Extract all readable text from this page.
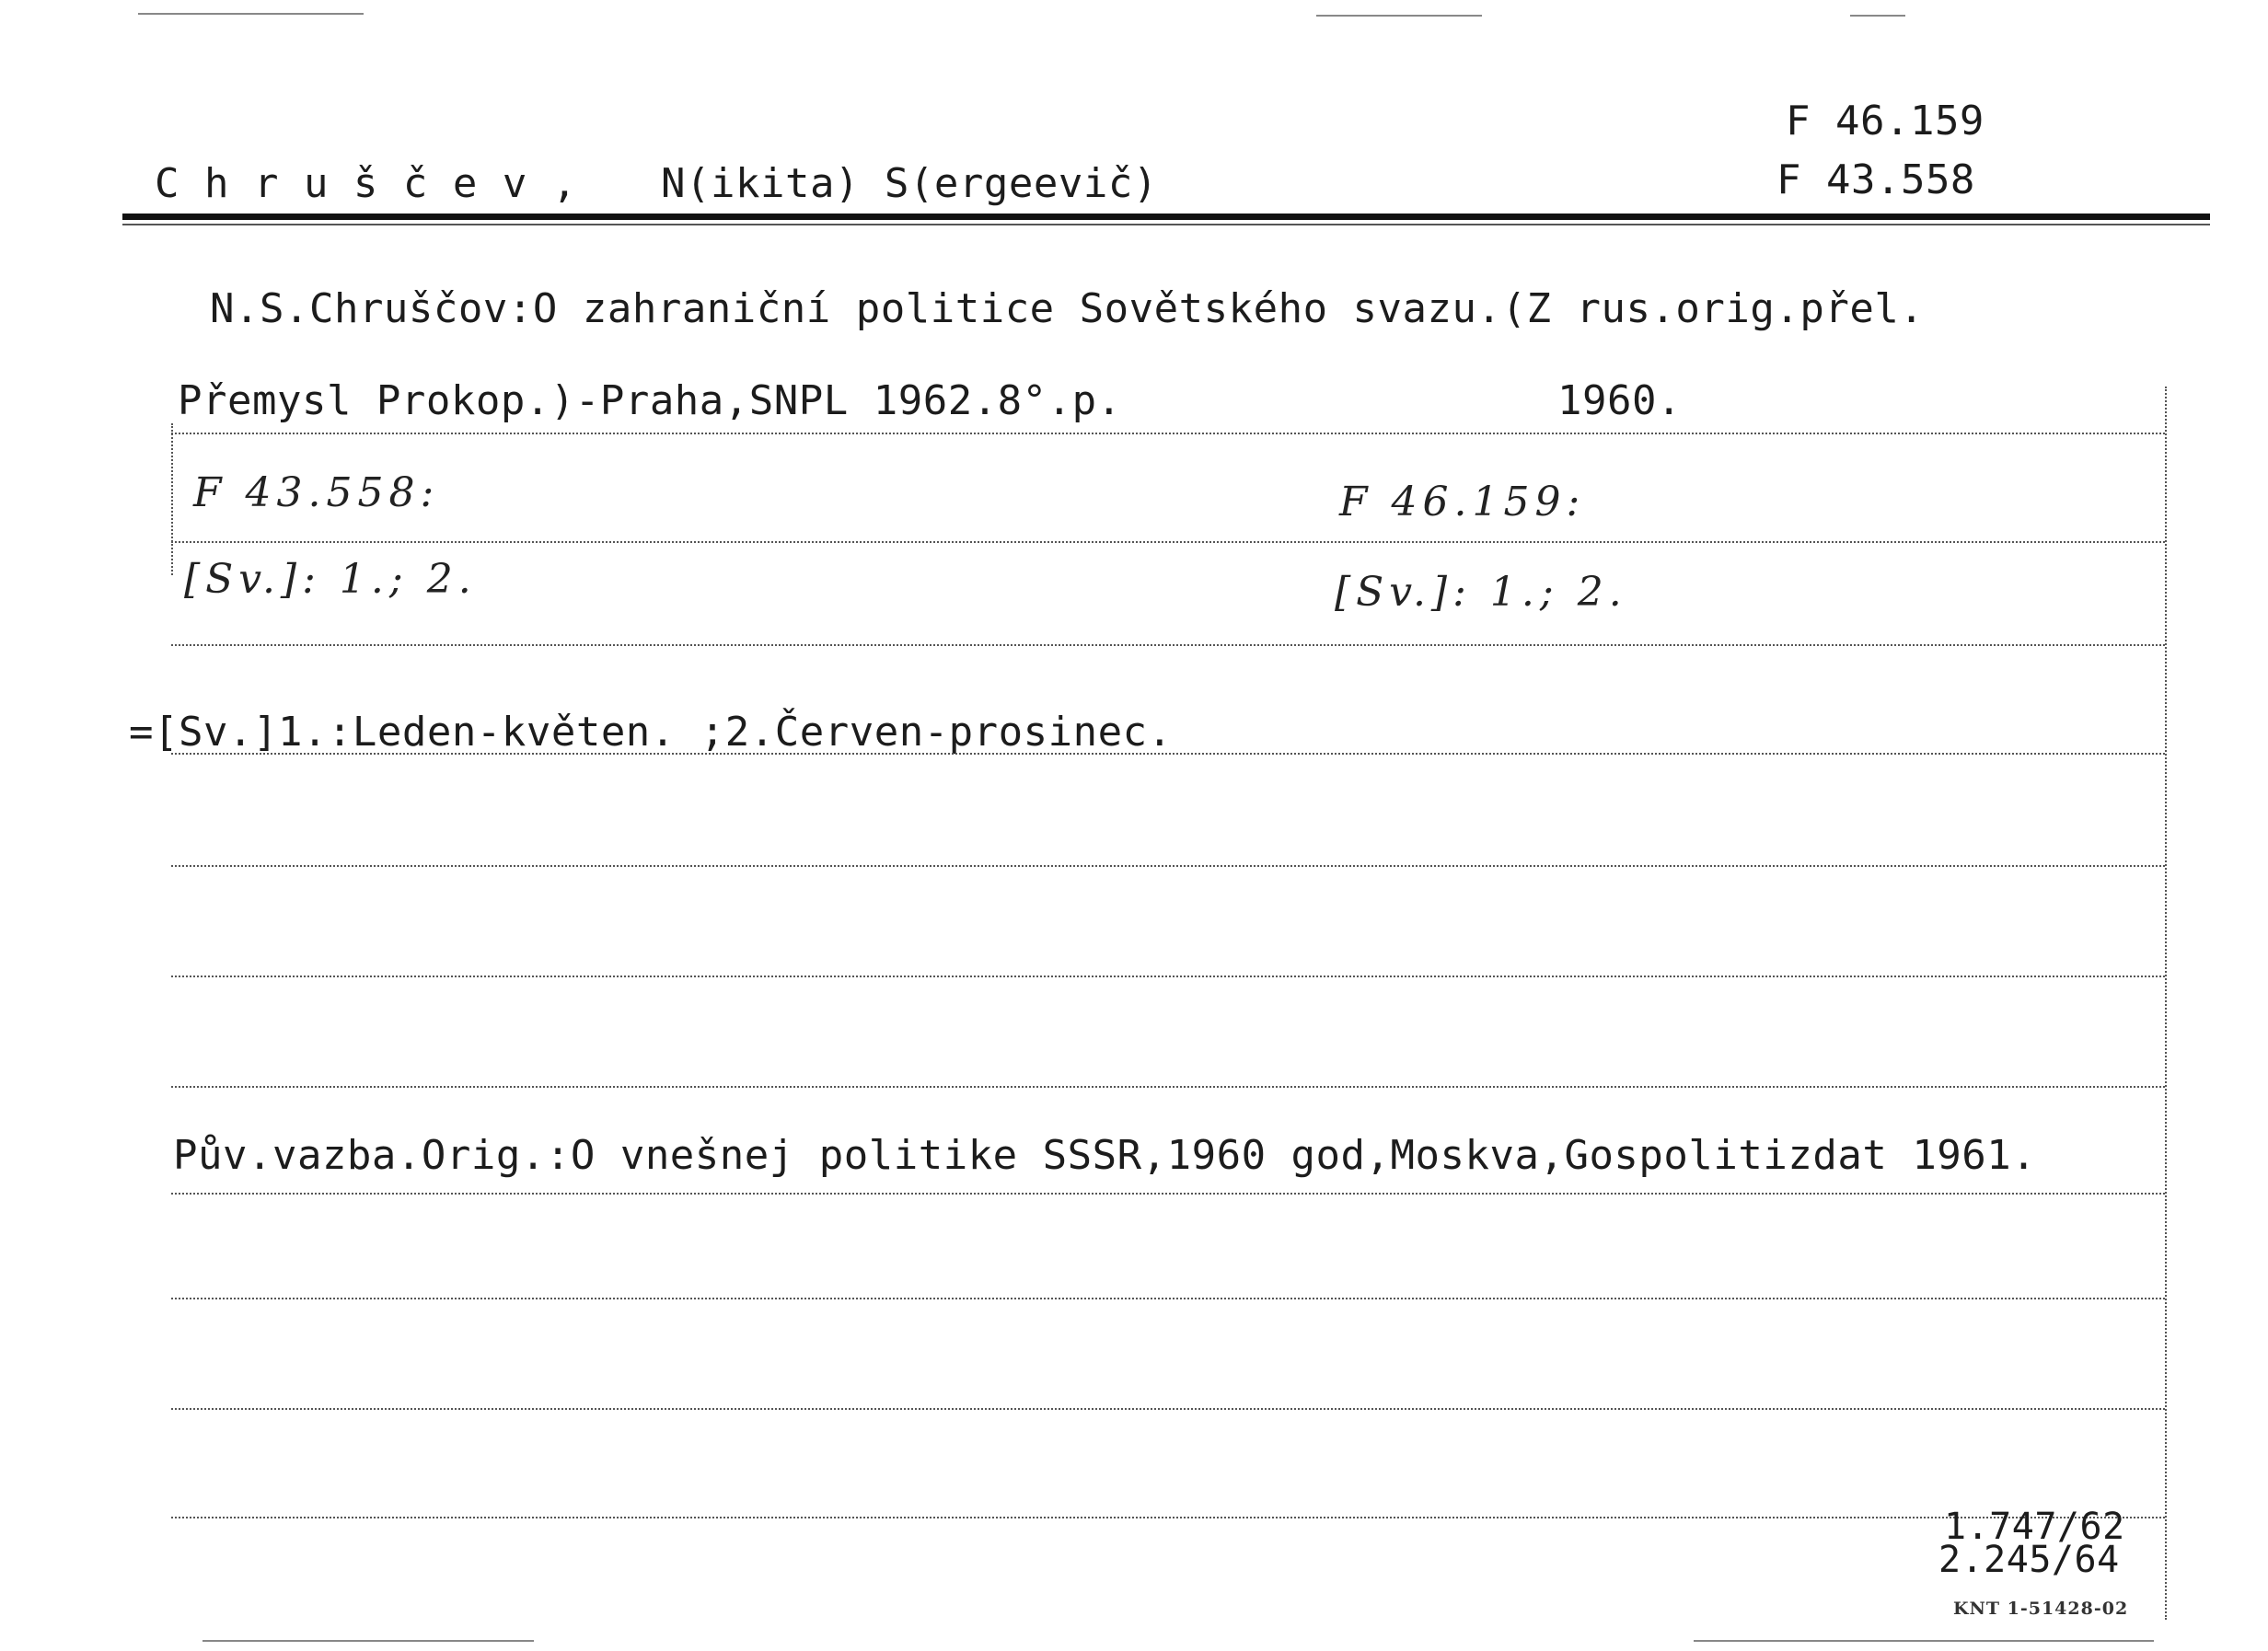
C h r u š č e v , N(ikita) S(ergeevič)
F 46.159
F 43.558
N.S.Chruščov:O zahraniční politice Sovětského svazu.(Z rus.orig.přel.
Přemysl Prokop.)-Praha,SNPL 1962.8°.p.	1960.
F 43.558:	F 46.159:
[Sv.]: 1.; 2.	[Sv.]: 1.; 2.
=[Sv.]1.:Leden-květen. ;2.Červen-prosinec.
Pův.vazba.Orig.:O vnešnej politike SSSR,1960 god,Moskva,Gospolitizdat 1961.
1.747/62
2.245/64
KNT 1-51428-02
